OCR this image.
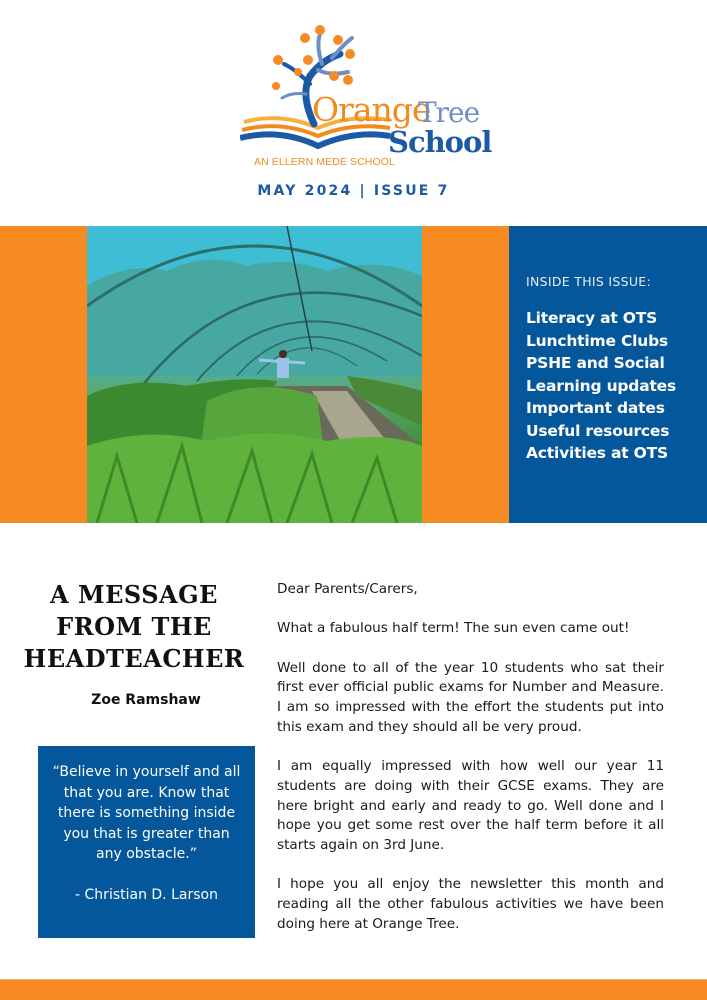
Orange
Tree
School
AN ELLERN MEDE SCHOOL
MAY 2024 | ISSUE 7
INSIDE THIS ISSUE:
Literacy at OTS
Lunchtime Clubs
PSHE and Social
Learning updates
Important dates
Useful resources
Activities at OTS
A MESSAGE
FROM THE
HEADTEACHER
Zoe Ramshaw
“Believe in yourself and all that you are. Know that there is something inside you that is greater than any obstacle.”
- Christian D. Larson

Dear Parents/Carers,

What a fabulous half term! The sun even came out!

Well done to all of the year 10 students who sat their first ever official public exams for Number and Measure. I am so impressed with the effort the students put into this exam and they should all be very proud.

I am equally impressed with how well our year 11 students are doing with their GCSE exams. They are here bright and early and ready to go. Well done and I hope you get some rest over the half term before it all starts again on 3rd June.

I hope you all enjoy the newsletter this month and reading all the other fabulous activities we have been doing here at Orange Tree.
